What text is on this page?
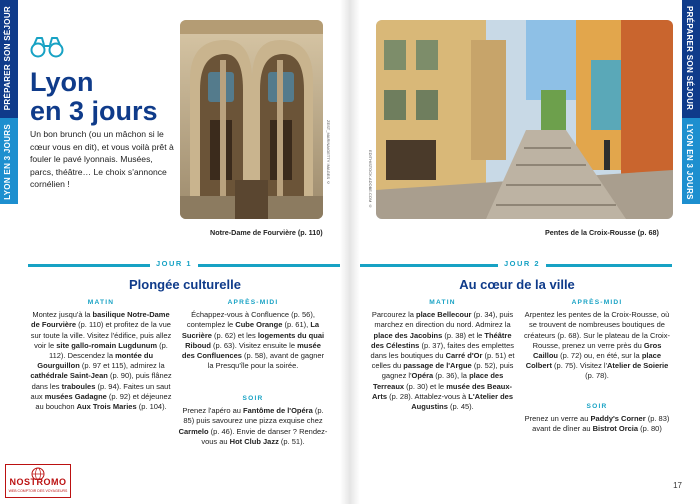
PRÉPARER SON SÉJOUR
LYON EN 3 JOURS
PRÉPARER SON SÉJOUR
LYON EN 3 JOURS
Lyon
en 3 jours
Un bon brunch (ou un mâchon si le cœur vous en dit), et vous voilà prêt à fouler le pavé lyonnais. Musées, parcs, théâtre… Le choix s'annonce cornélien !	ZEST_MARINA/GETTY IMAGES ©
Notre-Dame de Fourvière (p. 110)
EDITH/STOCK.ADOBE.COM ©
Pentes de la Croix-Rousse (p. 68)
JOUR 1	JOUR 2
Plongée culturelle	Au cœur de la ville
MATIN
Montez jusqu'à la basilique Notre-Dame de Fourvière (p. 110) et profitez de la vue sur toute la ville. Visitez l'édifice, puis allez voir le site gallo-romain Lugdunum (p. 112). Descendez la montée du Gourguillon (p. 97 et 115), admirez la cathédrale Saint-Jean (p. 90), puis flânez dans les traboules (p. 94). Faites un saut aux musées Gadagne (p. 92) et déjeunez au bouchon Aux Trois Maries (p. 104).
APRÈS-MIDI
Échappez-vous à Confluence (p. 56), contemplez le Cube Orange (p. 61), La Sucrière (p. 62) et les logements du quai Riboud (p. 63). Visitez ensuite le musée des Confluences (p. 58), avant de gagner la Presqu'île pour la soirée.
SOIR
Prenez l'apéro au Fantôme de l'Opéra (p. 85) puis savourez une pizza exquise chez Carmelo (p. 46). Envie de danser ? Rendez-vous au Hot Club Jazz (p. 51).
MATIN
Parcourez la place Bellecour (p. 34), puis marchez en direction du nord. Admirez la place des Jacobins (p. 38) et le Théâtre des Célestins (p. 37), faites des emplettes dans les boutiques du Carré d'Or (p. 51) et celles du passage de l'Argue (p. 52), puis gagnez l'Opéra (p. 36), la place des Terreaux (p. 30) et le musée des Beaux-Arts (p. 28). Attablez-vous à L'Atelier des Augustins (p. 45).
APRÈS-MIDI
Arpentez les pentes de la Croix-Rousse, où se trouvent de nombreuses boutiques de créateurs (p. 68). Sur le plateau de la Croix-Rousse, prenez un verre près du Gros Caillou (p. 72) ou, en été, sur la place Colbert (p. 75). Visitez l'Atelier de Soierie (p. 78).
SOIR
Prenez un verre au Paddy's Corner (p. 83) avant de dîner au Bistrot Orcia (p. 80)
NOSTROMO
WEB COMPTOIR DES VOYAGEURS
17
